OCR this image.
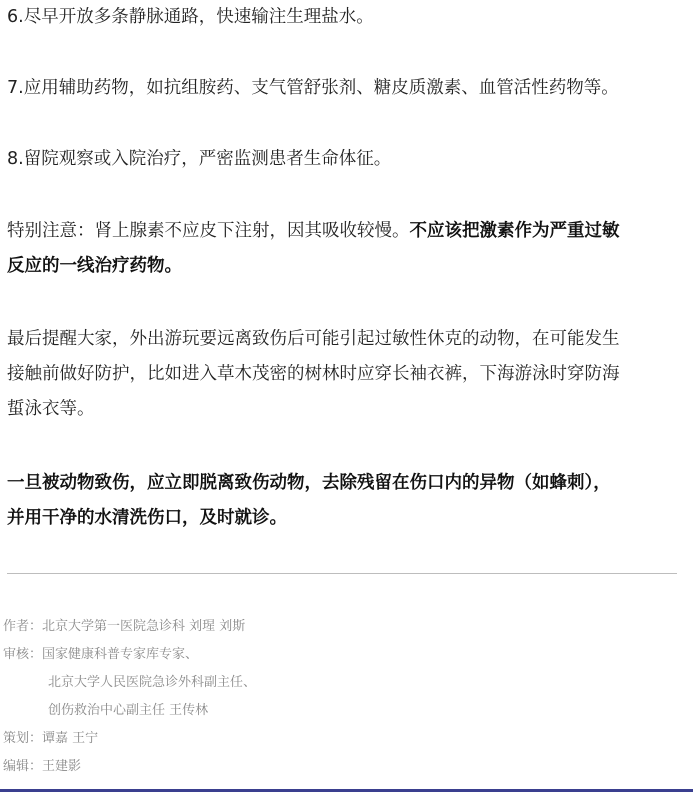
6.尽早开放多条静脉通路，快速输注生理盐水。

7.应用辅助药物，如抗组胺药、支气管舒张剂、糖皮质激素、血管活性药物等。

8.留院观察或入院治疗，严密监测患者生命体征。

特别注意：肾上腺素不应皮下注射，因其吸收较慢。不应该把激素作为严重过敏
反应的一线治疗药物。

最后提醒大家，外出游玩要远离致伤后可能引起过敏性休克的动物，在可能发生
接触前做好防护，比如进入草木茂密的树林时应穿长袖衣裤，下海游泳时穿防海
蜇泳衣等。

一旦被动物致伤，应立即脱离致伤动物，去除残留在伤口内的异物（如蜂刺），
并用干净的水清洗伤口，及时就诊。

作者：北京大学第一医院急诊科 刘瑆 刘斯
审核：国家健康科普专家库专家、
北京大学人民医院急诊外科副主任、
创伤救治中心副主任 王传林
策划：谭嘉 王宁
编辑：王建影
